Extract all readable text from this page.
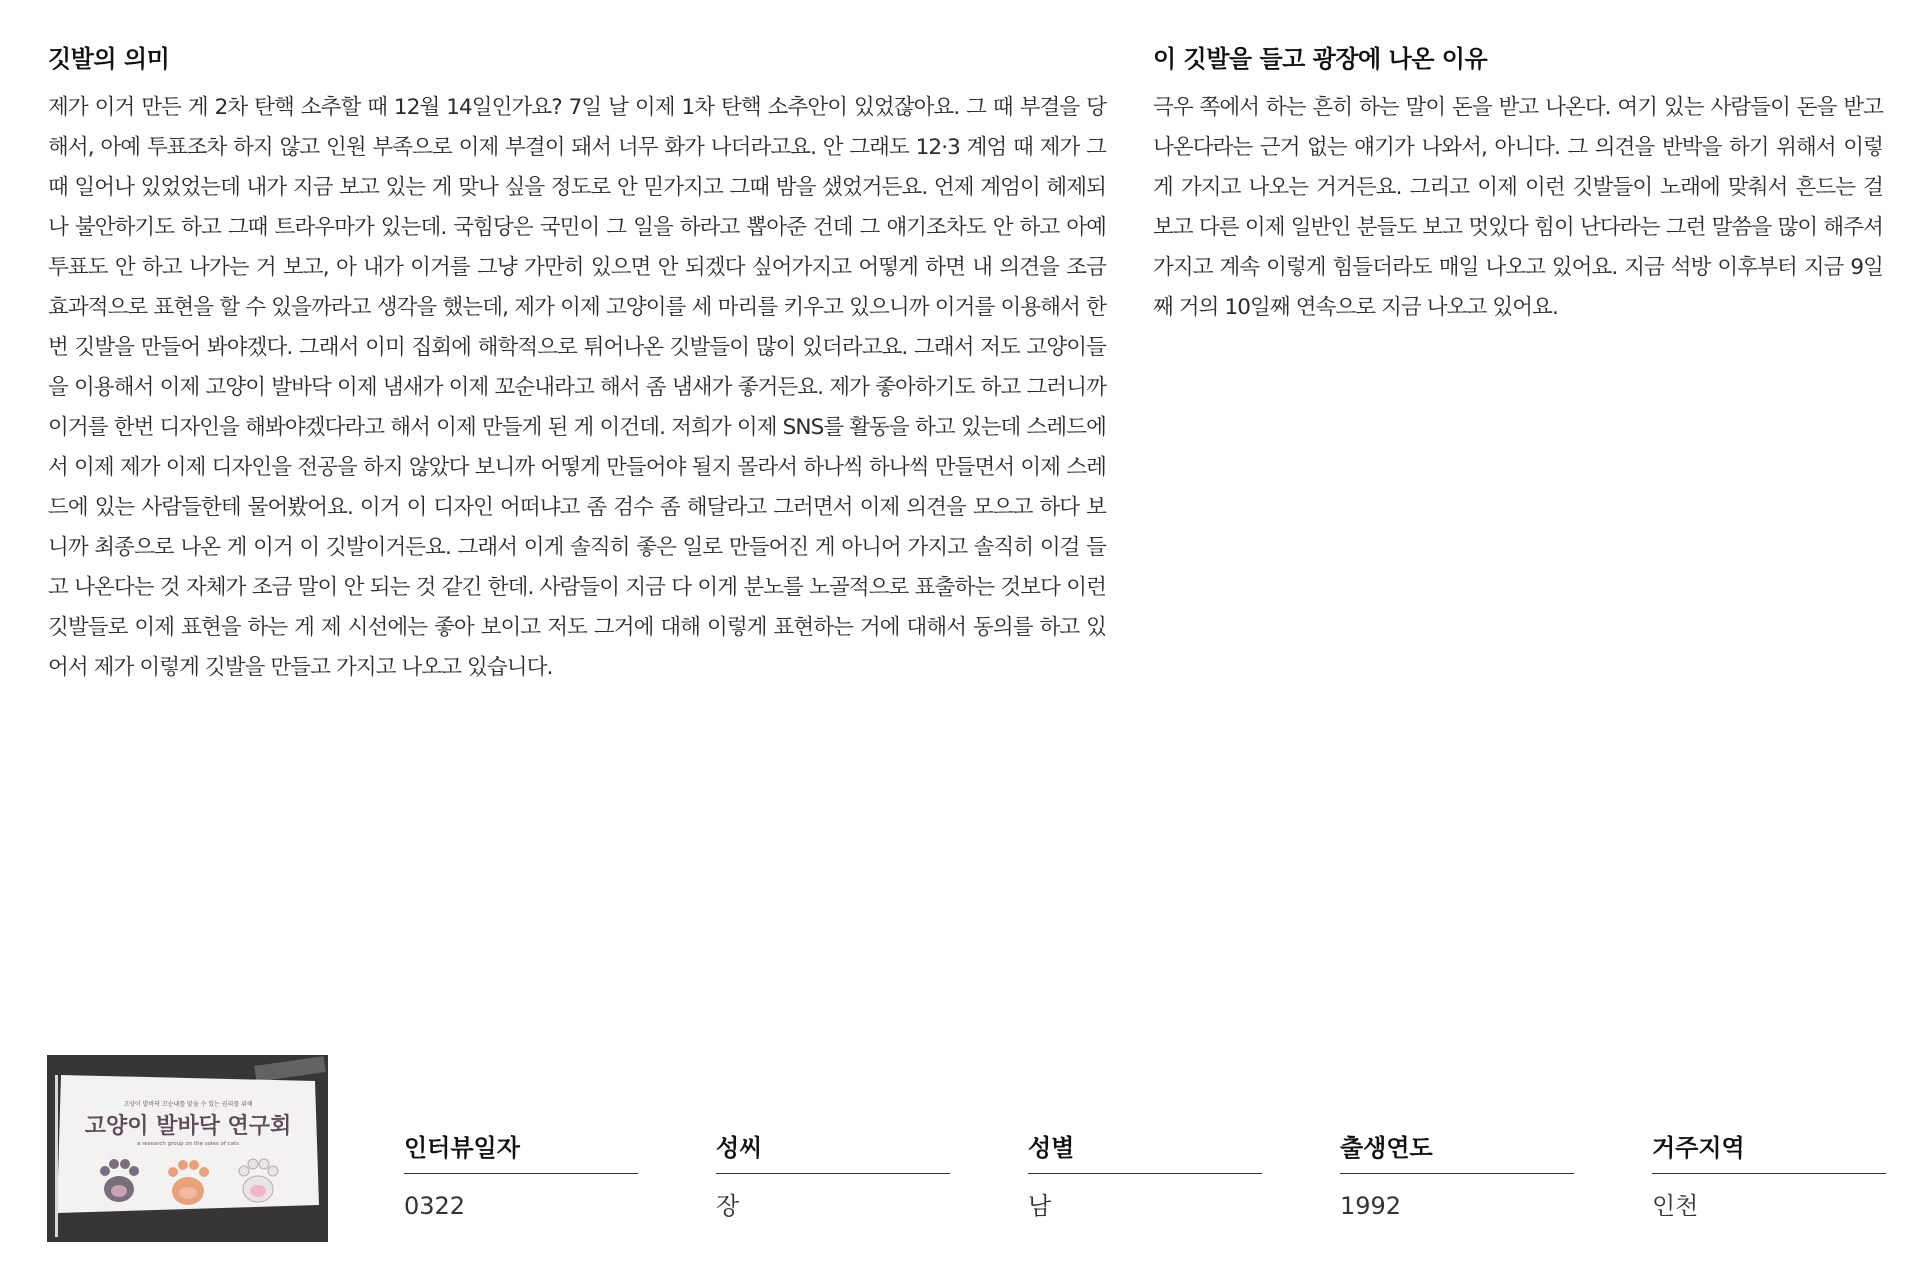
깃발의 의미

제가 이거 만든 게 2차 탄핵 소추할 때 12월 14일인가요? 7일 날 이제 1차 탄핵 소추안이 있었잖아요. 그 때 부결을 당해서, 아예 투표조차 하지 않고 인원 부족으로 이제 부결이 돼서 너무 화가 나더라고요. 안 그래도 12·3 계엄 때 제가 그때 일어나 있었었는데 내가 지금 보고 있는 게 맞나 싶을 정도로 안 믿가지고 그때 밤을 샜었거든요. 언제 계엄이 헤제되나 불안하기도 하고 그때 트라우마가 있는데. 국힘당은 국민이 그 일을 하라고 뽑아준 건데 그 얘기조차도 안 하고 아예 투표도 안 하고 나가는 거 보고, 아 내가 이거를 그냥 가만히 있으면 안 되겠다 싶어가지고 어떻게 하면 내 의견을 조금 효과적으로 표현을 할 수 있을까라고 생각을 했는데, 제가 이제 고양이를 세 마리를 키우고 있으니까 이거를 이용해서 한번 깃발을 만들어 봐야겠다. 그래서 이미 집회에 해학적으로 튀어나온 깃발들이 많이 있더라고요. 그래서 저도 고양이들을 이용해서 이제 고양이 발바닥 이제 냄새가 이제 꼬순내라고 해서 좀 냄새가 좋거든요. 제가 좋아하기도 하고 그러니까 이거를 한번 디자인을 해봐야겠다라고 해서 이제 만들게 된 게 이건데. 저희가 이제 SNS를 활동을 하고 있는데 스레드에서 이제 제가 이제 디자인을 전공을 하지 않았다 보니까 어떻게 만들어야 될지 몰라서 하나씩 하나씩 만들면서 이제 스레드에 있는 사람들한테 물어봤어요. 이거 이 디자인 어떠냐고 좀 검수 좀 해달라고 그러면서 이제 의견을 모으고 하다 보니까 최종으로 나온 게 이거 이 깃발이거든요. 그래서 이게 솔직히 좋은 일로 만들어진 게 아니어 가지고 솔직히 이걸 들고 나온다는 것 자체가 조금 말이 안 되는 것 같긴 한데. 사람들이 지금 다 이게 분노를 노골적으로 표출하는 것보다 이런 깃발들로 이제 표현을 하는 게 제 시선에는 좋아 보이고 저도 그거에 대해 이렇게 표현하는 거에 대해서 동의를 하고 있어서 제가 이렇게 깃발을 만들고 가지고 나오고 있습니다.

이 깃발을 들고 광장에 나온 이유

극우 쪽에서 하는 흔히 하는 말이 돈을 받고 나온다. 여기 있는 사람들이 돈을 받고 나온다라는 근거 없는 얘기가 나와서, 아니다. 그 의견을 반박을 하기 위해서 이렇게 가지고 나오는 거거든요. 그리고 이제 이런 깃발들이 노래에 맞춰서 흔드는 걸 보고 다른 이제 일반인 분들도 보고 멋있다 힘이 난다라는 그런 말씀을 많이 해주셔 가지고 계속 이렇게 힘들더라도 매일 나오고 있어요. 지금 석방 이후부터 지금 9일째 거의 10일째 연속으로 지금 나오고 있어요.

고양이 발바닥 꼬순내를 맡을 수 있는 권리를 위해
고양이 발바닥 연구회
a research group on the soles of cats	인터뷰일자
0322
성씨
장
성별
남
출생연도
1992
거주지역
인천
